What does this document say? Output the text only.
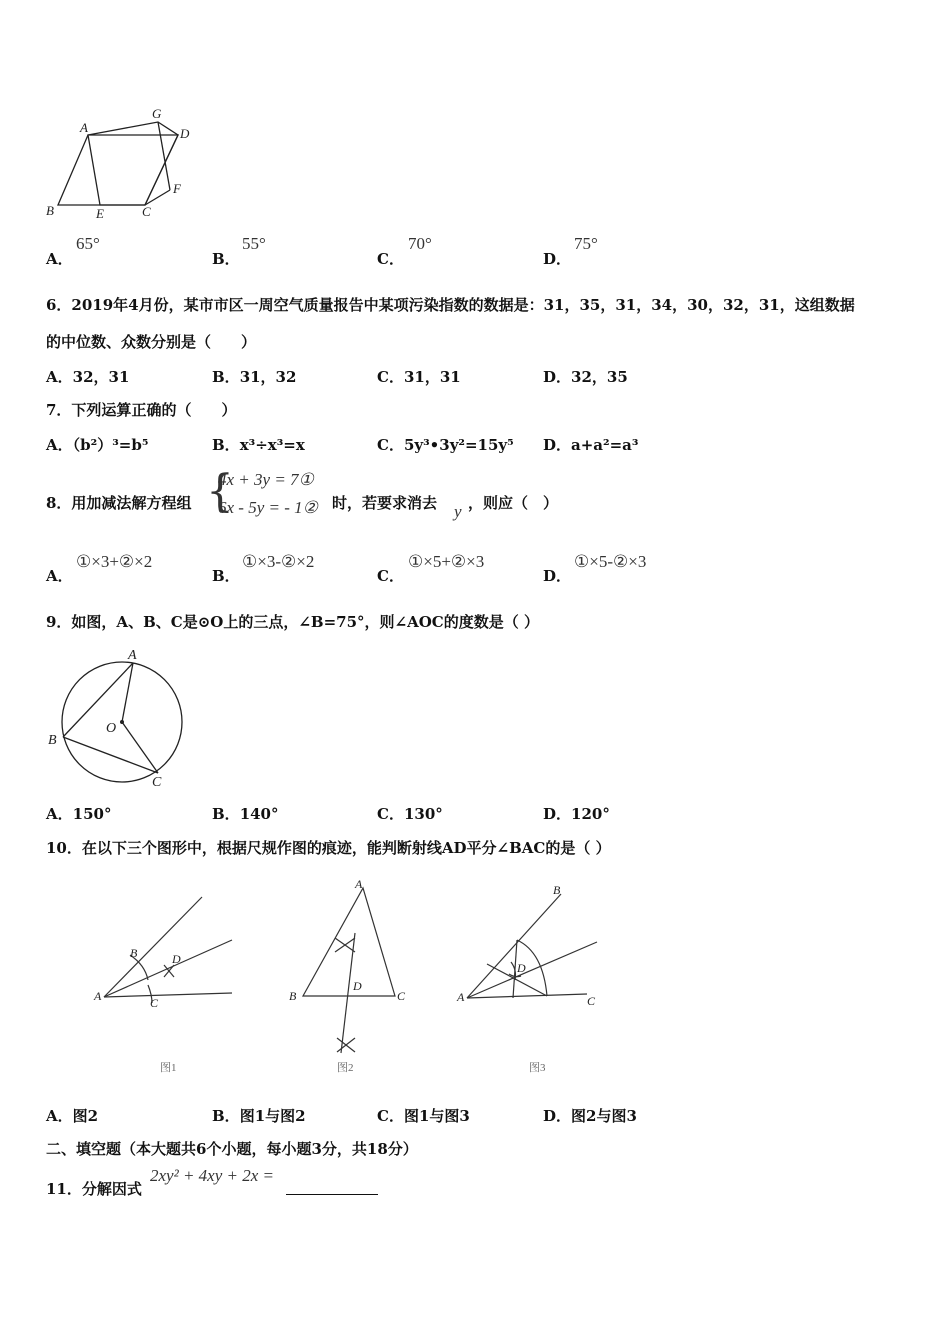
A
G
D
F
B	E	C
A．
65°
B．
55°
C．
70°
D．
75°
6．2019年4月份，某市市区一周空气质量报告中某项污染指数的数据是：31，35，31，34，30，32，31，这组数据
的中位数、众数分别是（　　）
A．32，31	B．31，32	C．31，31	D．32，35
7．下列运算正确的（　　）
A．（b²）³=b⁵	B．x³÷x³=x	C．5y³•3y²=15y⁵ D．a+a²=a³
8．用加减法解方程组 {
4x + 3y = 7①
6x - 5y = - 1② 时，若要求消去 y ，则应（　）
A．
①×3+②×2
B．
①×3-②×2
C．
①×5+②×3
D．
①×5-②×3
9．如图，A、B、C是⊙O上的三点，∠B=75°，则∠AOC的度数是（ ）
A
O
B
C
A．150°	B．140°	C．130°	D．120°
10．在以下三个图形中，根据尺规作图的痕迹，能判断射线AD平分∠BAC的是（ ）
B	D
A	C
图1
A
B
D
C
图2
B
D
A	C
图3
A．图2	B．图1与图2	C．图1与图3	D．图2与图3
二、填空题（本大题共6个小题，每小题3分，共18分）
11．分解因式
2xy² + 4xy + 2x =
